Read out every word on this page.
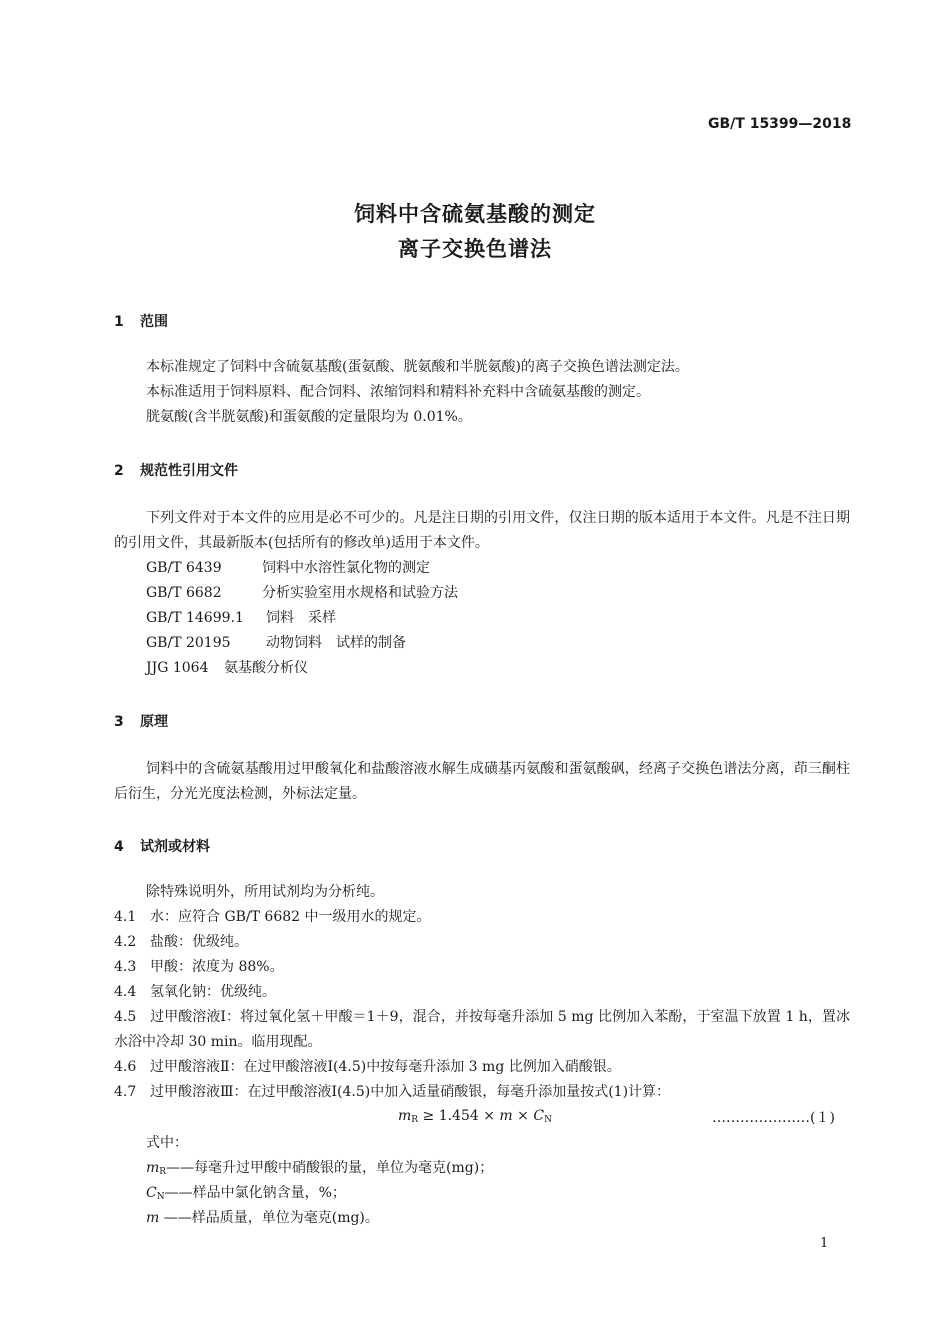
GB/T 15399—2018
饲料中含硫氨基酸的测定
离子交换色谱法
1 范围
本标准规定了饲料中含硫氨基酸(蛋氨酸、胱氨酸和半胱氨酸)的离子交换色谱法测定法。
本标准适用于饲料原料、配合饲料、浓缩饲料和精料补充料中含硫氨基酸的测定。
胱氨酸(含半胱氨酸)和蛋氨酸的定量限均为 0.01%。
2 规范性引用文件
下列文件对于本文件的应用是必不可少的。凡是注日期的引用文件，仅注日期的版本适用于本文件。凡是不注日期的引用文件，其最新版本(包括所有的修改单)适用于本文件。
GB/T 6439	饲料中水溶性氯化物的测定
GB/T 6682	分析实验室用水规格和试验方法
GB/T 14699.1 饲料　采样
GB/T 20195	动物饲料　试样的制备
JJG 1064 氨基酸分析仪
3 原理
饲料中的含硫氨基酸用过甲酸氧化和盐酸溶液水解生成磺基丙氨酸和蛋氨酸砜，经离子交换色谱法分离，茚三酮柱后衍生，分光光度法检测，外标法定量。
4 试剂或材料
除特殊说明外，所用试剂均为分析纯。
4.1 水：应符合 GB/T 6682 中一级用水的规定。
4.2 盐酸：优级纯。
4.3 甲酸：浓度为 88%。
4.4 氢氧化钠：优级纯。
4.5 过甲酸溶液Ⅰ：将过氧化氢＋甲酸＝1＋9，混合，并按每毫升添加 5 mg 比例加入苯酚，于室温下放置 1 h，置冰水浴中冷却 30 min。临用现配。
4.6 过甲酸溶液Ⅱ：在过甲酸溶液Ⅰ(4.5)中按每毫升添加 3 mg 比例加入硝酸银。
4.7 过甲酸溶液Ⅲ：在过甲酸溶液Ⅰ(4.5)中加入适量硝酸银，每毫升添加量按式(1)计算：
$m_R \ge 1.454 \times m \times C_N$	…………………(１)
式中：
$m_R——$每毫升过甲酸中硝酸银的量，单位为毫克(mg)；
$C_N——$样品中氯化钠含量，%；
m ——样品质量，单位为毫克(mg)。
1
